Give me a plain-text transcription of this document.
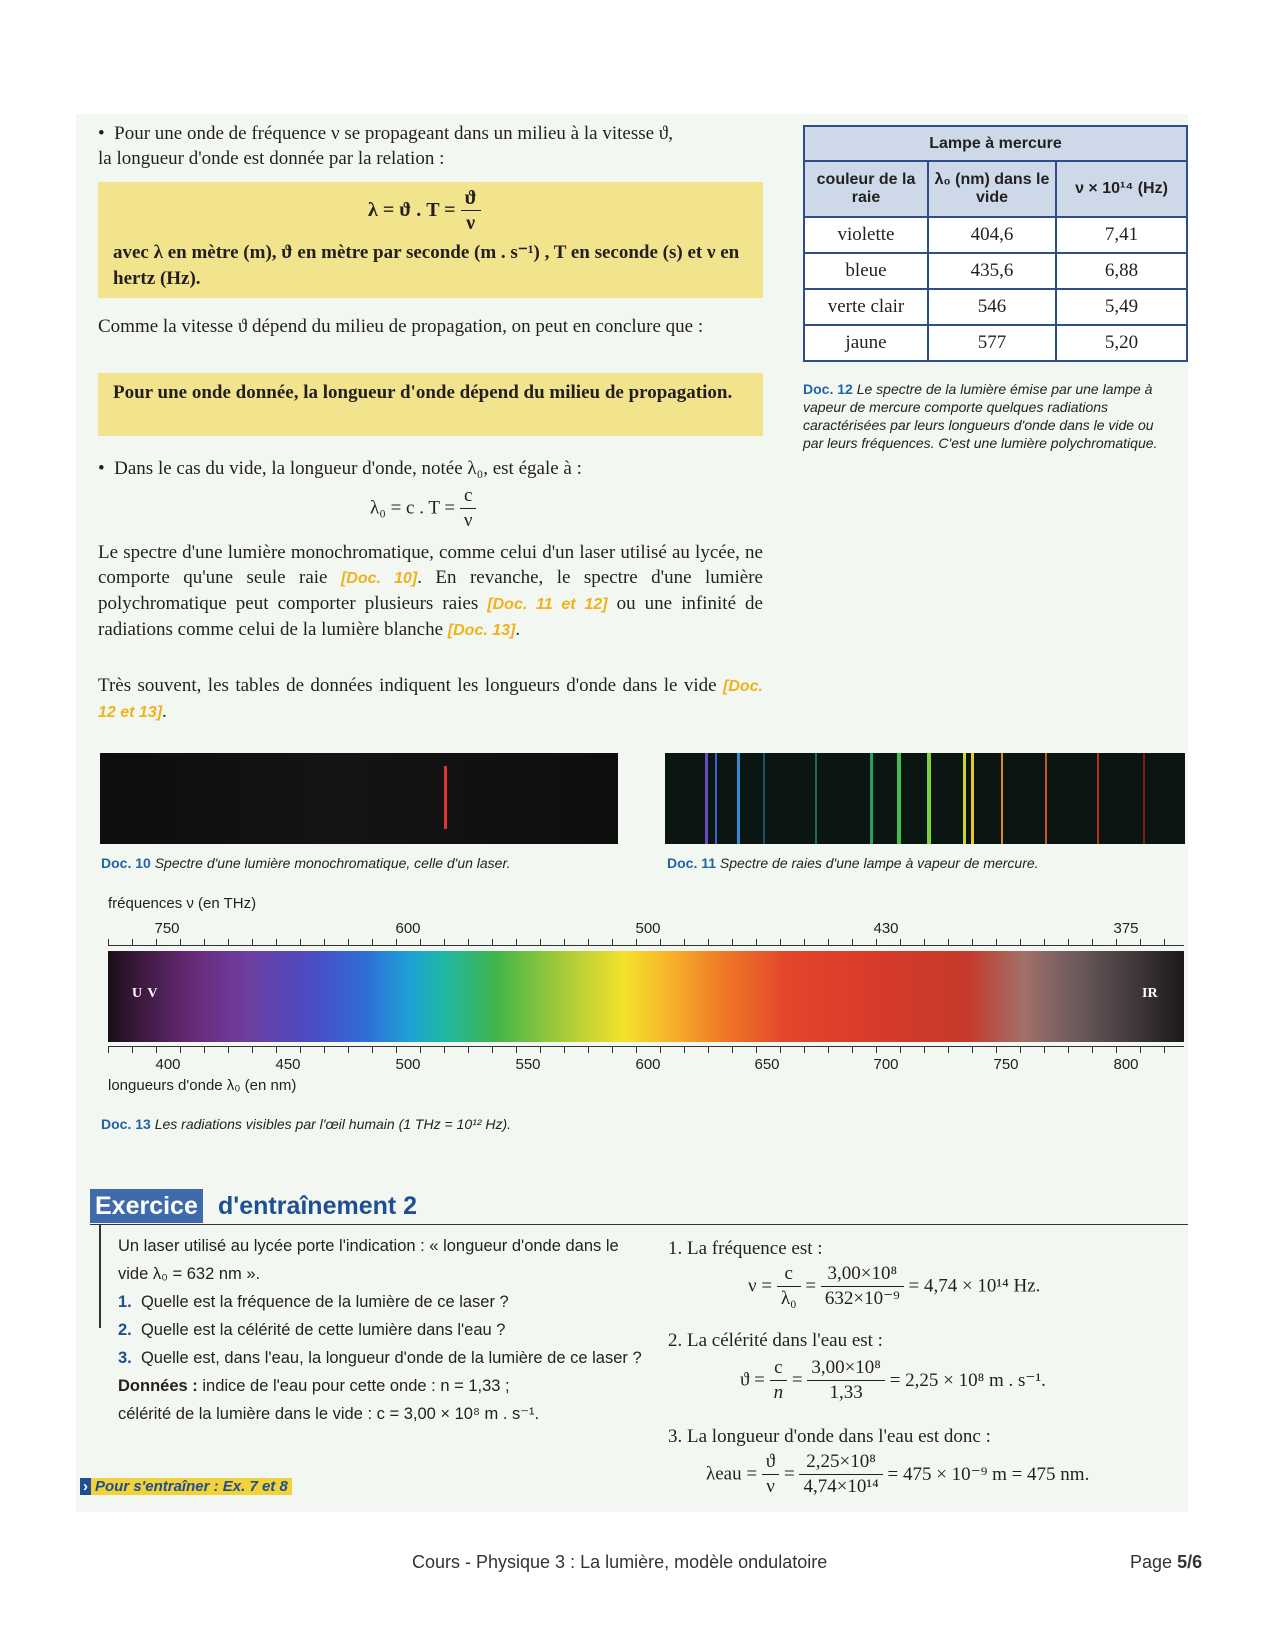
• Pour une onde de fréquence ν se propageant dans un milieu à la vitesse ϑ,
la longueur d'onde est donnée par la relation :
λ = ϑ . $T = \frac{ϑ}{\nu}$
avec λ en mètre (m), ϑ en mètre par seconde (m . s⁻¹) , T en seconde (s) et ν en hertz (Hz).
Comme la vitesse ϑ dépend du milieu de propagation, on peut en conclure que :
Pour une onde donnée, la longueur d'onde dépend du milieu de propagation.
• Dans le cas du vide, la longueur d'onde, notée λ₀, est égale à :
λ₀ = c . $T = \frac{c}{\nu}$
Le spectre d'une lumière monochromatique, comme celui d'un laser utilisé au lycée, ne comporte qu'une seule raie [Doc. 10]. En revanche, le spectre d'une lumière polychromatique peut comporter plusieurs raies [Doc. 11 et 12] ou une infinité de radiations comme celui de la lumière blanche [Doc. 13].
Très souvent, les tables de données indiquent les longueurs d'onde dans le vide [Doc. 12 et 13].
Lampe à mercure		
couleur de la raie	λ₀ (nm) dans le vide	ν × 10¹⁴ (Hz)
violette	404,6	7,41
bleue	435,6	6,88
verte clair	546	5,49
jaune	577	5,20
Doc. 12 Le spectre de la lumière émise par une lampe à vapeur de mercure comporte quelques radiations caractérisées par leurs longueurs d'onde dans le vide ou par leurs fréquences. C'est une lumière polychromatique.
Doc. 10 Spectre d'une lumière monochromatique, celle d'un laser.	Doc. 11 Spectre de raies d'une lampe à vapeur de mercure.
fréquences ν (en THz)
750	600	500	430	375
U V	IR
400	450	500	550	600	650	700	750	800
longueurs d'onde λ₀ (en nm)
Doc. 13 Les radiations visibles par l'œil humain (1 THz = 10¹² Hz).
Exercice d'entraînement 2
Un laser utilisé au lycée porte l'indication : « longueur d'onde dans le vide λ₀ = 632 nm ».
1. Quelle est la fréquence de la lumière de ce laser ?
2. Quelle est la célérité de cette lumière dans l'eau ?
3. Quelle est, dans l'eau, la longueur d'onde de la lumière de ce laser ?
Données : indice de l'eau pour cette onde : n = 1,33 ;
célérité de la lumière dans le vide : c = 3,00 × 10⁸ m . s⁻¹.
› Pour s'entraîner : Ex. 7 et 8
1. La fréquence est :
$\nu = \frac{c}{\text{λ₀}} = \frac{\text{3,00×10⁸}}{\text{632×10⁻⁹}} = 4,74 \times 10^{14}$ Hz.
2. La célérité dans l'eau est :
$ϑ = \frac{c}{n} = \frac{\text{3,00×10⁸}}{1,33} = 2,25 \times 10^8$ m . s⁻¹.
3. La longueur d'onde dans l'eau est donc :
$\lambda eau = \frac{ϑ}{\nu} = \frac{\text{2,25×10⁸}}{\text{4,74×10¹⁴}} = 475 \times 10^{-9}$ m = 475 nm.
Cours - Physique 3 : La lumière, modèle ondulatoire	Page 5/6
